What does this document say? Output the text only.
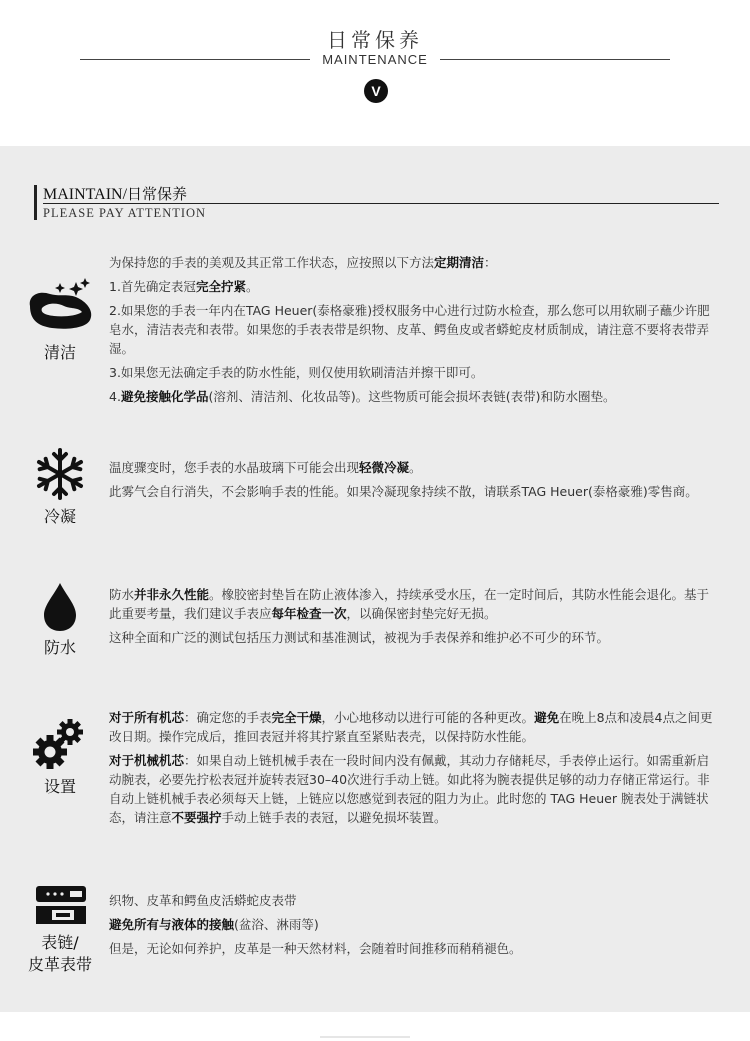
日常保养
MAINTENANCE
V
MAINTAIN/日常保养
PLEASE PAY ATTENTION
清洁

为保持您的手表的美观及其正常工作状态，应按照以下方法定期清洁：

1.首先确定表冠完全拧紧。

2.如果您的手表一年内在TAG Heuer(泰格豪雅)授权服务中心进行过防水检查，那么您可以用软刷子蘸少许肥皂水，清洁表壳和表带。如果您的手表表带是织物、皮革、鳄鱼皮或者蟒蛇皮材质制成，请注意不要将表带弄湿。

3.如果您无法确定手表的防水性能，则仅使用软刷清洁并擦干即可。

4.避免接触化学品(溶剂、清洁剂、化妆品等)。这些物质可能会损坏表链(表带)和防水圈垫。

冷凝

温度骤变时，您手表的水晶玻璃下可能会出现轻微冷凝。

此雾气会自行消失，不会影响手表的性能。如果冷凝现象持续不散，请联系TAG Heuer(泰格豪雅)零售商。

防水

防水并非永久性能。橡胶密封垫旨在防止液体渗入，持续承受水压，在一定时间后，其防水性能会退化。基于此重要考量，我们建议手表应每年检查一次，以确保密封垫完好无损。

这种全面和广泛的测试包括压力测试和基准测试，被视为手表保养和维护必不可少的环节。

设置

对于所有机芯：确定您的手表完全干燥，小心地移动以进行可能的各种更改。避免在晚上8点和凌晨4点之间更改日期。操作完成后，推回表冠并将其拧紧直至紧贴表壳，以保持防水性能。

对于机械机芯：如果自动上链机械手表在一段时间内没有佩戴，其动力存储耗尽，手表停止运行。如需重新启动腕表，必要先拧松表冠并旋转表冠30–40次进行手动上链。如此将为腕表提供足够的动力存储正常运行。非自动上链机械手表必须每天上链，上链应以您感觉到表冠的阻力为止。此时您的 TAG Heuer 腕表处于满链状态，请注意不要强拧手动上链手表的表冠，以避免损坏装置。

表链/
皮革表带

织物、皮革和鳄鱼皮活蟒蛇皮表带

避免所有与液体的接触(盆浴、淋雨等)

但是，无论如何养护，皮革是一种天然材料，会随着时间推移而稍稍褪色。
